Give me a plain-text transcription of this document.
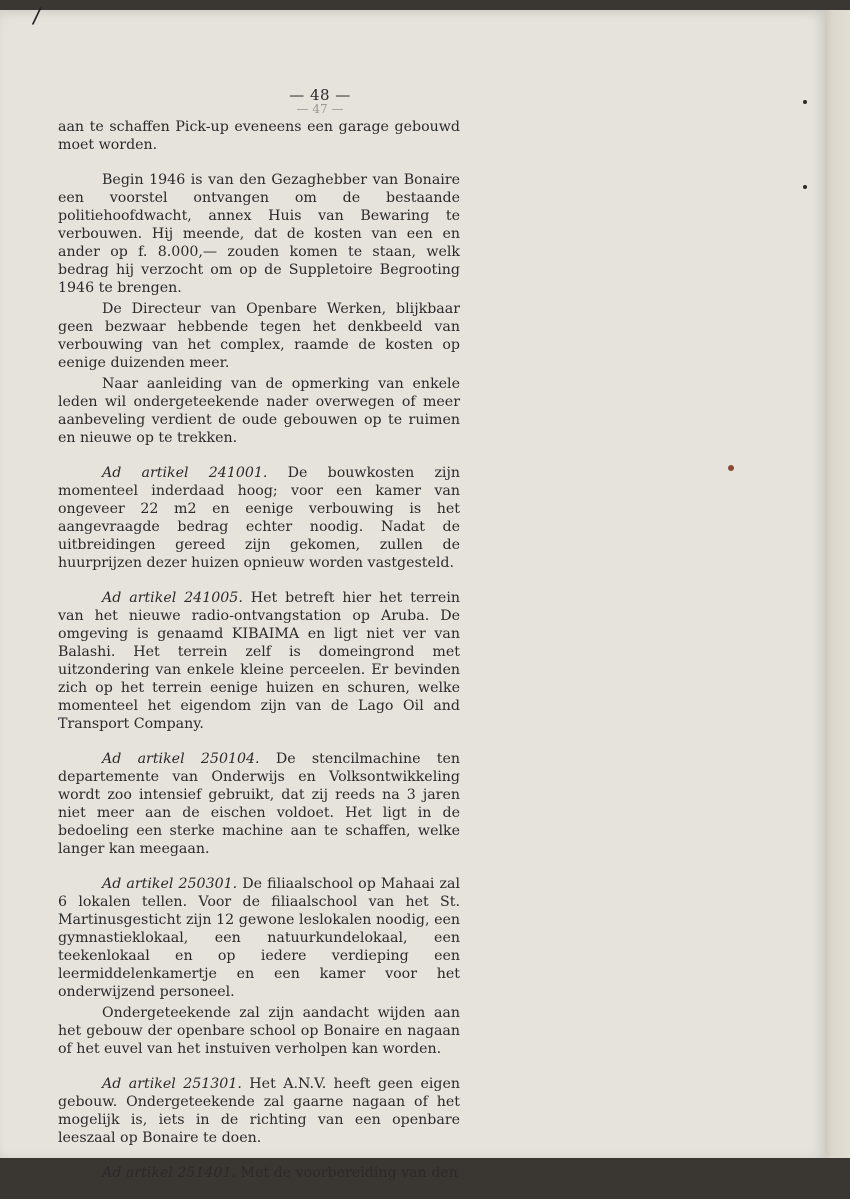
/
— 48 —
— 47 —

aan te schaffen Pick-up eveneens een garage gebouwd moet worden.

Begin 1946 is van den Gezaghebber van Bonaire een voorstel ontvangen om de bestaande politiehoofdwacht, annex Huis van Bewaring te verbouwen. Hij meende, dat de kosten van een en ander op f. 8.000,— zouden komen te staan, welk bedrag hij verzocht om op de Suppletoire Begrooting 1946 te brengen.

De Directeur van Openbare Werken, blijkbaar geen bezwaar hebbende tegen het denkbeeld van verbouwing van het complex, raamde de kosten op eenige duizenden meer.

Naar aanleiding van de opmerking van enkele leden wil ondergeteekende nader overwegen of meer aanbeveling verdient de oude gebouwen op te ruimen en nieuwe op te trekken.

Ad artikel 241001. De bouwkosten zijn momenteel inderdaad hoog; voor een kamer van ongeveer 22 m2 en eenige verbouwing is het aangevraagde bedrag echter noodig. Nadat de uitbreidingen gereed zijn gekomen, zullen de huurprijzen dezer huizen opnieuw worden vastgesteld.

Ad artikel 241005. Het betreft hier het terrein van het nieuwe radio-ontvangstation op Aruba. De omgeving is genaamd KIBAIMA en ligt niet ver van Balashi. Het terrein zelf is domeingrond met uitzondering van enkele kleine perceelen. Er bevinden zich op het terrein eenige huizen en schuren, welke momenteel het eigendom zijn van de Lago Oil and Transport Company.

Ad artikel 250104. De stencilmachine ten departemente van Onderwijs en Volksontwikkeling wordt zoo intensief gebruikt, dat zij reeds na 3 jaren niet meer aan de eischen voldoet. Het ligt in de bedoeling een sterke machine aan te schaffen, welke langer kan meegaan.

Ad artikel 250301. De filiaalschool op Mahaai zal 6 lokalen tellen. Voor de filiaalschool van het St. Martinusgesticht zijn 12 gewone leslokalen noodig, een gymnastieklokaal, een natuurkundelokaal, een teekenlokaal en op iedere verdieping een leermiddelenkamertje en een kamer voor het onderwijzend personeel.

Ondergeteekende zal zijn aandacht wijden aan het gebouw der openbare school op Bonaire en nagaan of het euvel van het instuiven verholpen kan worden.

Ad artikel 251301. Het A.N.V. heeft geen eigen gebouw. Ondergeteekende zal gaarne nagaan of het mogelijk is, iets in de richting van een openbare leeszaal op Bonaire te doen.

Ad artikel 251401. Met de voorbereiding van den
